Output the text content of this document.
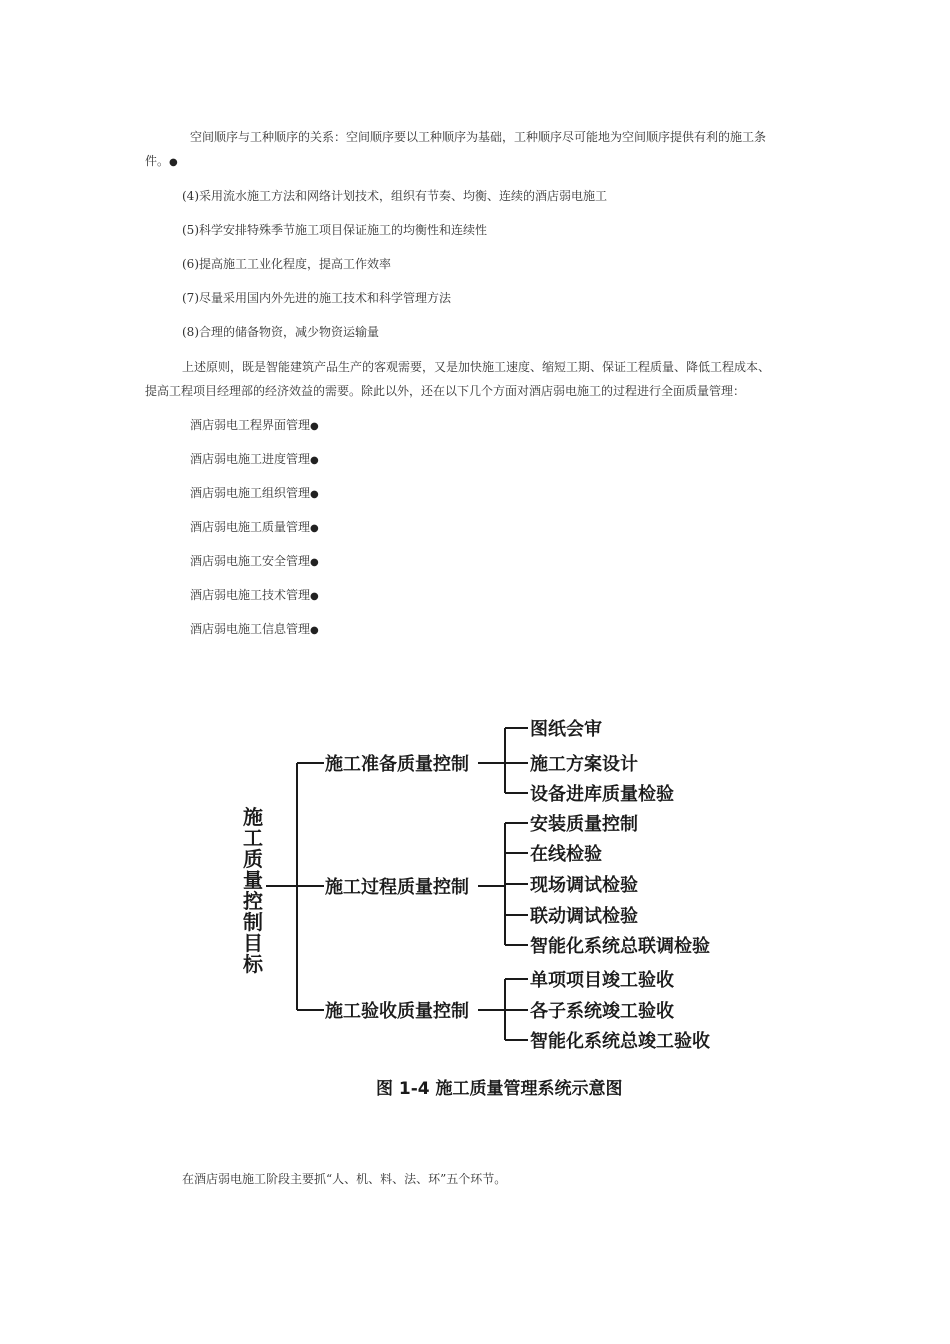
空间顺序与工种顺序的关系：空间顺序要以工种顺序为基础，工种顺序尽可能地为空间顺序提供有利的施工条
件。●
(4)采用流水施工方法和网络计划技术，组织有节奏、均衡、连续的酒店弱电施工
(5)科学安排特殊季节施工项目保证施工的均衡性和连续性
(6)提高施工工业化程度，提高工作效率
(7)尽量采用国内外先进的施工技术和科学管理方法
(8)合理的储备物资，减少物资运输量
上述原则，既是智能建筑产品生产的客观需要，又是加快施工速度、缩短工期、保证工程质量、降低工程成本、
提高工程项目经理部的经济效益的需要。除此以外，还在以下几个方面对酒店弱电施工的过程进行全面质量管理：
酒店弱电工程界面管理●
酒店弱电施工进度管理●
酒店弱电施工组织管理●
酒店弱电施工质量管理●
酒店弱电施工安全管理●
酒店弱电施工技术管理●
酒店弱电施工信息管理●
施
工
质
量
控
制
目
标
施工准备质量控制
施工过程质量控制
施工验收质量控制
图纸会审
施工方案设计
设备进库质量检验
安装质量控制
在线检验
现场调试检验
联动调试检验
智能化系统总联调检验
单项项目竣工验收
各子系统竣工验收
智能化系统总竣工验收
图 1-4 施工质量管理系统示意图
在酒店弱电施工阶段主要抓“人、机、料、法、环”五个环节。
